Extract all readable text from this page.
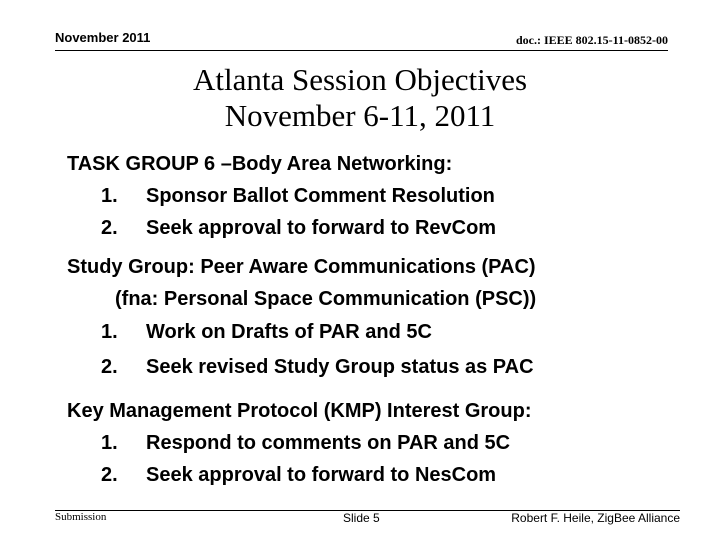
November 2011	doc.: IEEE 802.15-11-0852-00
Atlanta Session Objectives
November 6-11, 2011
TASK GROUP 6 –Body Area Networking:
1. Sponsor Ballot Comment Resolution
2. Seek approval to forward to RevCom
Study Group: Peer Aware Communications (PAC)
(fna: Personal Space Communication (PSC))
1. Work on Drafts of PAR and 5C
2. Seek revised Study Group status as PAC
Key Management Protocol (KMP) Interest Group:
1. Respond to comments on PAR and 5C
2. Seek approval to forward to NesCom
Submission	Slide 5	Robert F. Heile, ZigBee Alliance
